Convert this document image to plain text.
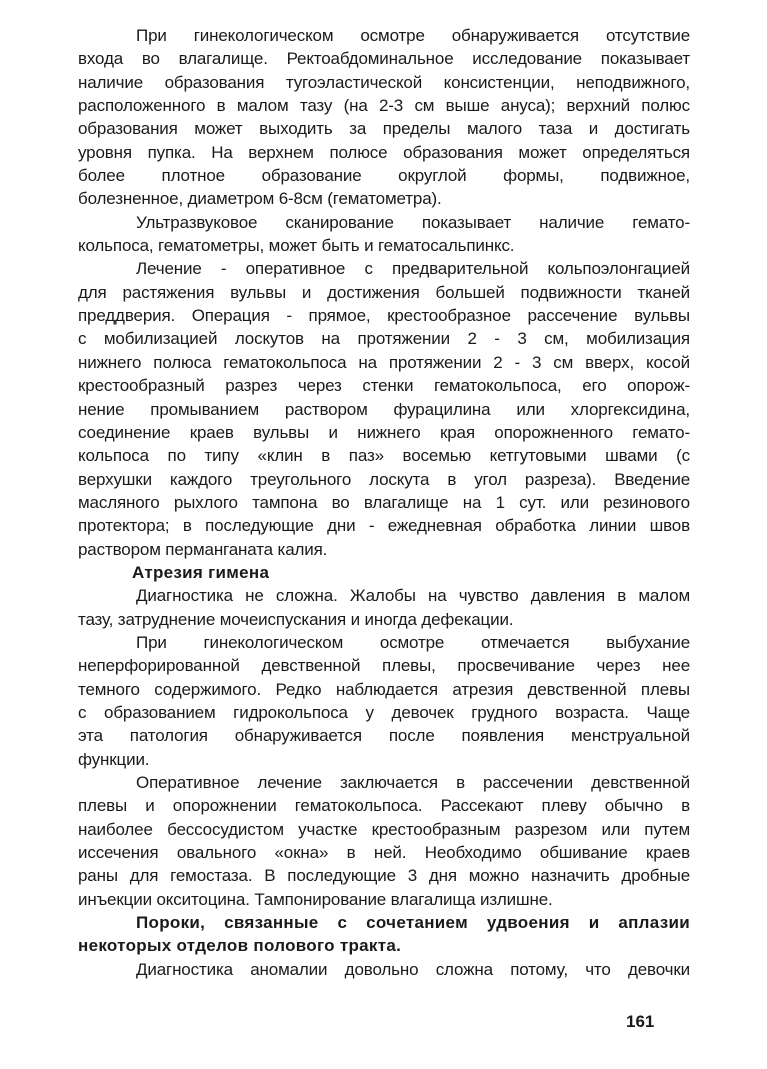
При гинекологическом осмотре обнаруживается отсутствие
входа во влагалище. Ректоабдоминальное исследование показывает
наличие образования тугоэластической консистенции, неподвижного,
расположенного в малом тазу (на 2-3 см выше ануса); верхний полюс
образования может выходить за пределы малого таза и достигать
уровня пупка. На верхнем полюсе образования может определяться
более плотное образование округлой формы, подвижное,
болезненное, диаметром 6-8см (гематометра).
Ультразвуковое сканирование показывает наличие гемато-
кольпоса, гематометры, может быть и гематосальпинкс.
Лечение - оперативное с предварительной кольпоэлонгацией
для растяжения вульвы и достижения большей подвижности тканей
преддверия. Операция - прямое, крестообразное рассечение вульвы
с мобилизацией лоскутов на протяжении 2 - 3 см, мобилизация
нижнего полюса гематокольпоса на протяжении 2 - 3 см вверх, косой
крестообразный разрез через стенки гематокольпоса, его опорож-
нение промыванием раствором фурацилина или хлоргексидина,
соединение краев вульвы и нижнего края опорожненного гемато-
кольпоса по типу «клин в паз» восемью кетгутовыми швами (с
верхушки каждого треугольного лоскута в угол разреза). Введение
масляного рыхлого тампона во влагалище на 1 сут. или резинового
протектора; в последующие дни - ежедневная обработка линии швов
раствором перманганата калия.
Атрезия гимена
Диагностика не сложна. Жалобы на чувство давления в малом
тазу, затруднение мочеиспускания и иногда дефекации.
При гинекологическом осмотре отмечается выбухание
неперфорированной девственной плевы, просвечивание через нее
темного содержимого. Редко наблюдается атрезия девственной плевы
с образованием гидрокольпоса у девочек грудного возраста. Чаще
эта патология обнаруживается после появления менструальной
функции.
Оперативное лечение заключается в рассечении девственной
плевы и опорожнении гематокольпоса. Рассекают плеву обычно в
наиболее бессосудистом участке крестообразным разрезом или путем
иссечения овального «окна» в ней. Необходимо обшивание краев
раны для гемостаза. В последующие 3 дня можно назначить дробные
инъекции окситоцина. Тампонирование влагалища излишне.
Пороки, связанные с сочетанием удвоения и аплазии
некоторых отделов полового тракта.
Диагностика аномалии довольно сложна потому, что девочки
161
